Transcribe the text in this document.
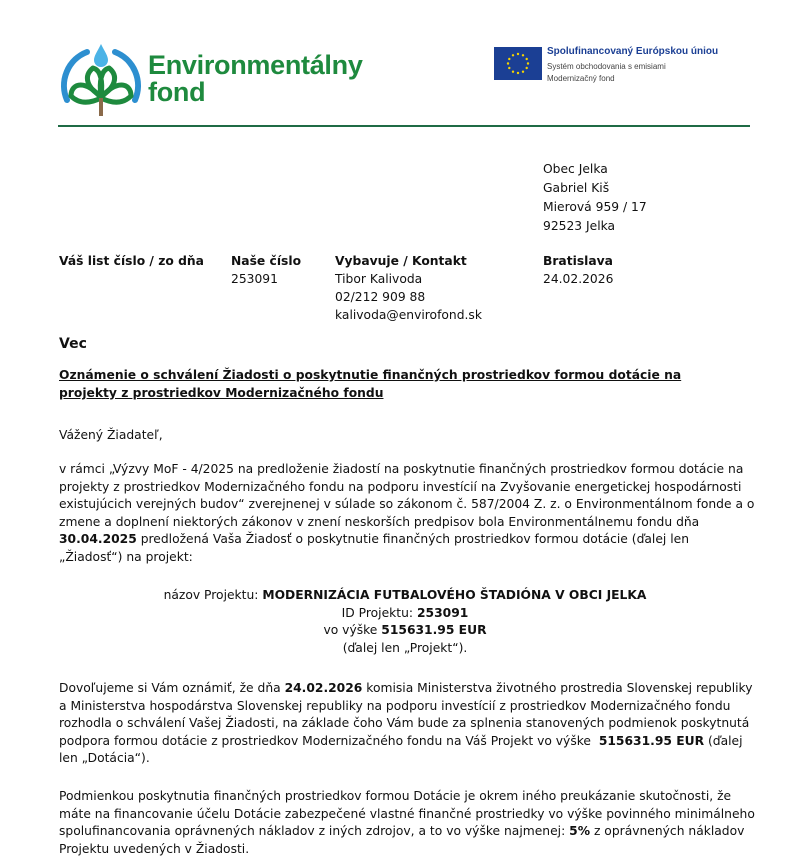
Environmentálny
fond
Spolufinancovaný Európskou úniou
Systém obchodovania s emisiami
Modernizačný fond
Obec Jelka
Gabriel Kiš
Mierová 959 / 17
92523 Jelka
Váš list číslo / zo dňa Naše číslo
253091
Vybavuje / Kontakt
Tibor Kalivoda
02/212 909 88
kalivoda@envirofond.sk
Bratislava
24.02.2026
Vec
Oznámenie o schválení Žiadosti o poskytnutie finančných prostriedkov formou dotácie na
projekty z prostriedkov Modernizačného fondu
Vážený Žiadateľ,
v rámci „Výzvy MoF - 4/2025 na predloženie žiadostí na poskytnutie finančných prostriedkov formou dotácie na
projekty z prostriedkov Modernizačného fondu na podporu investícií na Zvyšovanie energetickej hospodárnosti
existujúcich verejných budov“ zverejnenej v súlade so zákonom č. 587/2004 Z. z. o Environmentálnom fonde a o
zmene a doplnení niektorých zákonov v znení neskorších predpisov bola Environmentálnemu fondu dňa
30.04.2025 predložená Vaša Žiadosť o poskytnutie finančných prostriedkov formou dotácie (ďalej len
„Žiadosť“) na projekt:
názov Projektu: MODERNIZÁCIA FUTBALOVÉHO ŠTADIÓNA V OBCI JELKA
ID Projektu: 253091
vo výške 515631.95 EUR
(ďalej len „Projekt“).
Dovoľujeme si Vám oznámiť, že dňa 24.02.2026 komisia Ministerstva životného prostredia Slovenskej republiky
a Ministerstva hospodárstva Slovenskej republiky na podporu investícií z prostriedkov Modernizačného fondu
rozhodla o schválení Vašej Žiadosti, na základe čoho Vám bude za splnenia stanovených podmienok poskytnutá
podpora formou dotácie z prostriedkov Modernizačného fondu na Váš Projekt vo výške  515631.95 EUR (ďalej
len „Dotácia“).
Podmienkou poskytnutia finančných prostriedkov formou Dotácie je okrem iného preukázanie skutočnosti, že
máte na financovanie účelu Dotácie zabezpečené vlastné finančné prostriedky vo výške povinného minimálneho
spolufinancovania oprávnených nákladov z iných zdrojov, a to vo výške najmenej: 5% z oprávnených nákladov
Projektu uvedených v Žiadosti.
